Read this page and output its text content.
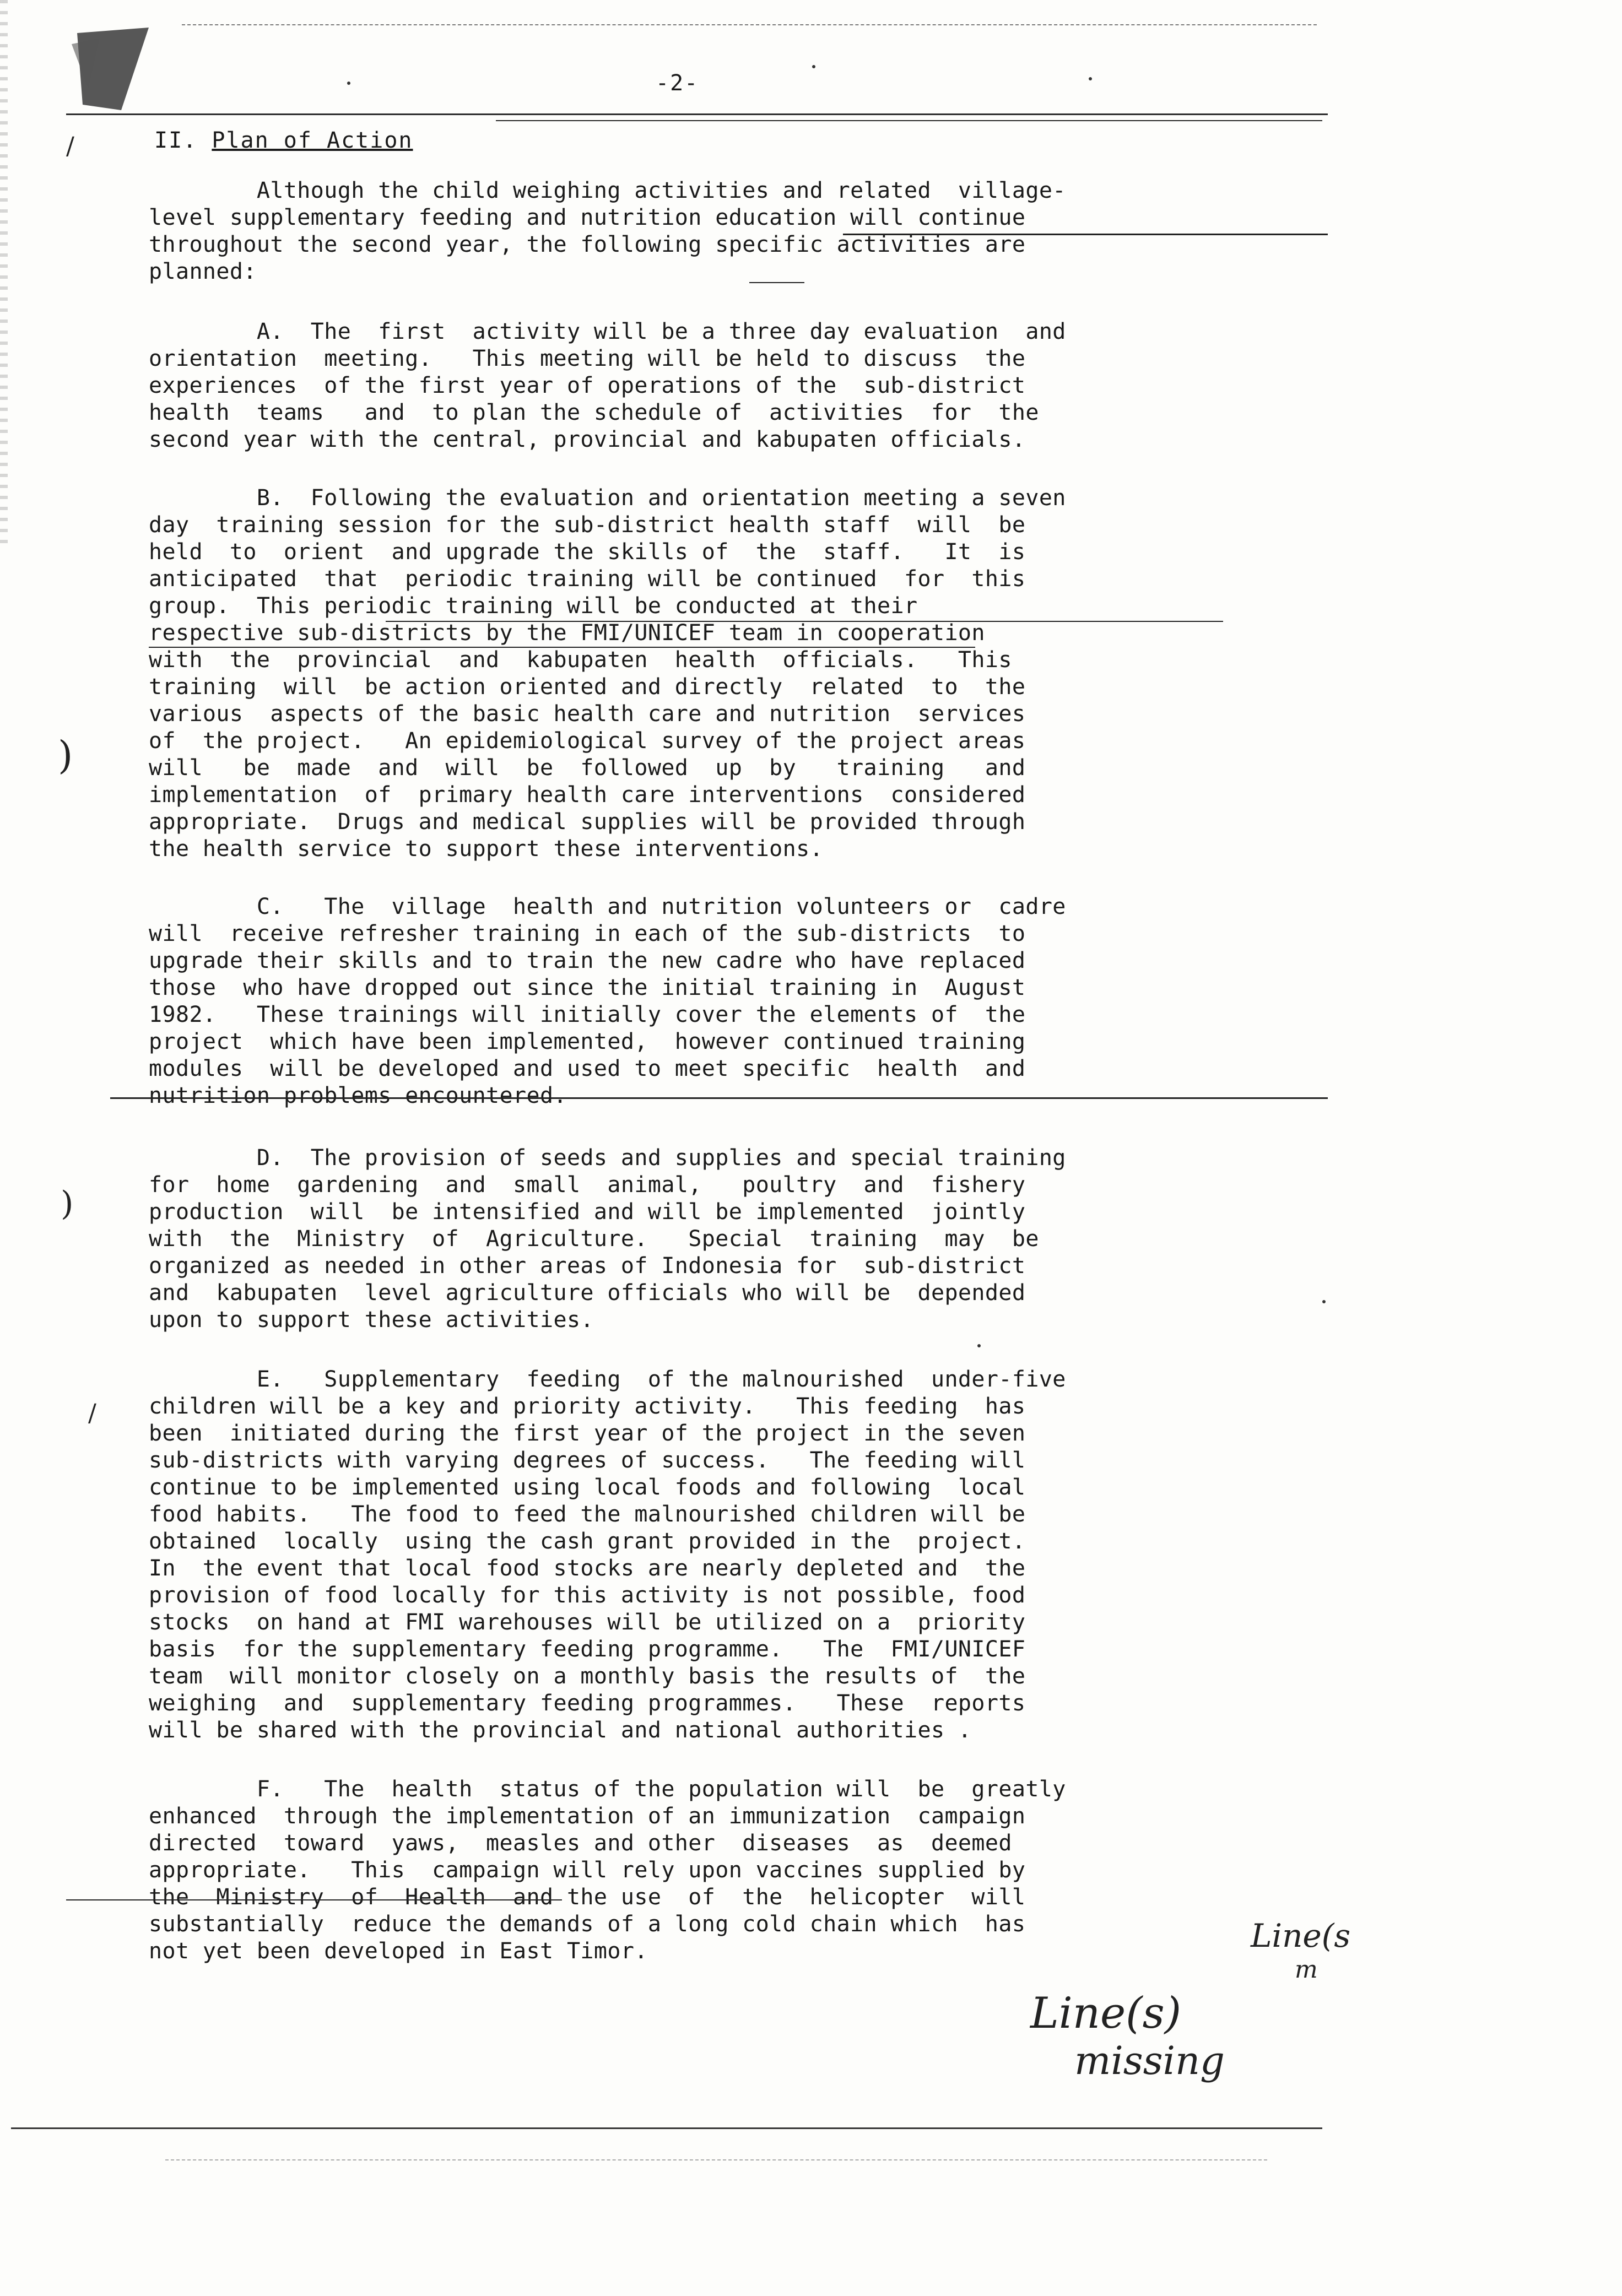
-2-
II. Plan of Action
Although the child weighing activities and related  village-
level supplementary feeding and nutrition education will continue
throughout the second year, the following specific activities are
planned:
A.  The  first  activity will be a three day evaluation  and
orientation  meeting.   This meeting will be held to discuss  the
experiences  of the first year of operations of the  sub-district
health  teams   and  to plan the schedule of  activities  for  the
second year with the central, provincial and kabupaten officials.
B.  Following the evaluation and orientation meeting a seven
day  training session for the sub-district health staff  will  be
held  to  orient  and upgrade the skills of  the  staff.   It  is
anticipated  that  periodic training will be continued  for  this
group.  This periodic training will be conducted at their
respective sub-districts by the FMI/UNICEF team in cooperation
with  the  provincial  and  kabupaten  health  officials.   This
training  will  be action oriented and directly  related  to  the
various  aspects of the basic health care and nutrition  services
of  the project.   An epidemiological survey of the project areas
will   be  made  and  will  be  followed  up  by   training   and
implementation  of  primary health care interventions  considered
appropriate.  Drugs and medical supplies will be provided through
the health service to support these interventions.
C.   The  village  health and nutrition volunteers or  cadre
will  receive refresher training in each of the sub-districts  to
upgrade their skills and to train the new cadre who have replaced
those  who have dropped out since the initial training in  August
1982.   These trainings will initially cover the elements of  the
project  which have been implemented,  however continued training
modules  will be developed and used to meet specific  health  and
nutrition problems encountered.
D.  The provision of seeds and supplies and special training
for  home  gardening  and  small  animal,   poultry  and  fishery
production  will  be intensified and will be implemented  jointly
with  the  Ministry  of  Agriculture.   Special  training  may  be
organized as needed in other areas of Indonesia for  sub-district
and  kabupaten  level agriculture officials who will be  depended
upon to support these activities.
E.   Supplementary  feeding  of the malnourished  under-five
children will be a key and priority activity.   This feeding  has
been  initiated during the first year of the project in the seven
sub-districts with varying degrees of success.   The feeding will
continue to be implemented using local foods and following  local
food habits.   The food to feed the malnourished children will be
obtained  locally  using the cash grant provided in the  project.
In  the event that local food stocks are nearly depleted and  the
provision of food locally for this activity is not possible, food
stocks  on hand at FMI warehouses will be utilized on a  priority
basis  for the supplementary feeding programme.   The  FMI/UNICEF
team  will monitor closely on a monthly basis the results of  the
weighing  and  supplementary feeding programmes.   These  reports
will be shared with the provincial and national authorities .
F.   The  health  status of the population will  be  greatly
enhanced  through the implementation of an immunization  campaign
directed  toward  yaws,  measles and other  diseases  as  deemed
appropriate.   This  campaign will rely upon vaccines supplied by
the  Ministry  of  Health  and the use  of  the  helicopter  will
substantially  reduce the demands of a long cold chain which  has
not yet been developed in East Timor.
)
)
/
/
Line(s
m
Line(s)
missing
